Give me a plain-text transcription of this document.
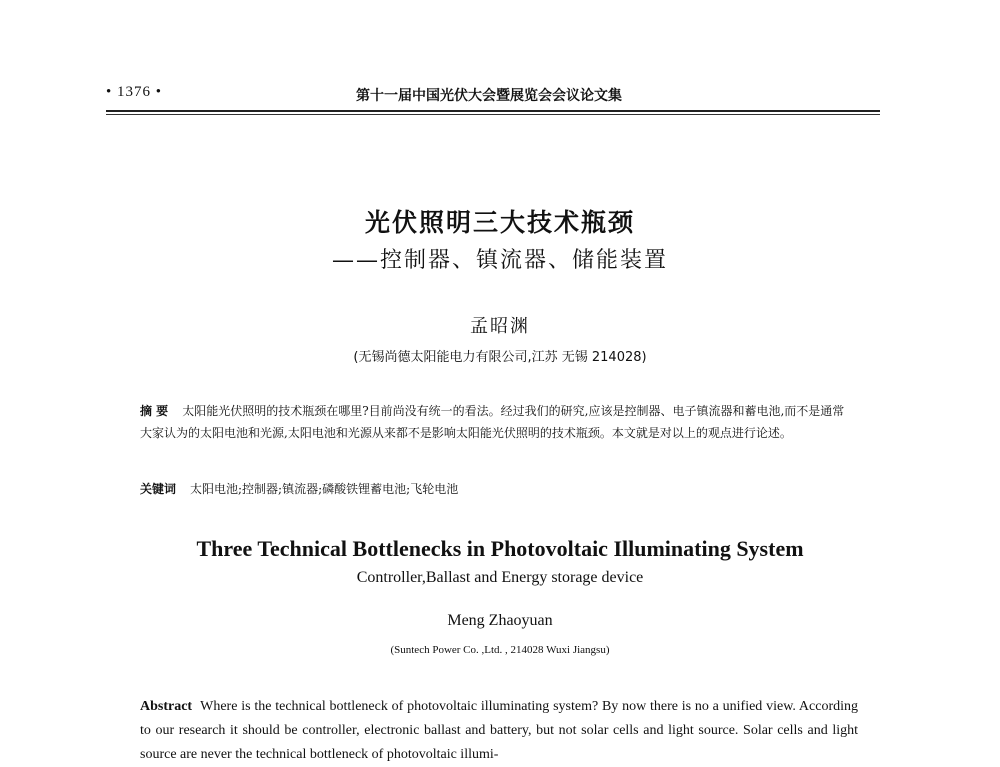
• 1376 •	第十一届中国光伏大会暨展览会会议论文集
光伏照明三大技术瓶颈
——控制器、镇流器、储能装置
孟昭渊
(无锡尚德太阳能电力有限公司,江苏 无锡 214028)
摘 要 太阳能光伏照明的技术瓶颈在哪里?目前尚没有统一的看法。经过我们的研究,应该是控制器、电子镇流器和蓄电池,而不是通常大家认为的太阳电池和光源,太阳电池和光源从来都不是影响太阳能光伏照明的技术瓶颈。本文就是对以上的观点进行论述。
关键词 太阳电池;控制器;镇流器;磷酸铁锂蓄电池;飞轮电池
Three Technical Bottlenecks in Photovoltaic Illuminating System
Controller,Ballast and Energy storage device
Meng Zhaoyuan
(Suntech Power Co. ,Ltd. , 214028 Wuxi Jiangsu)
Abstract Where is the technical bottleneck of photovoltaic illuminating system? By now there is no a unified view. According to our research it should be controller, electronic ballast and battery, but not solar cells and light source. Solar cells and light source are never the technical bottleneck of photovoltaic illumi-
